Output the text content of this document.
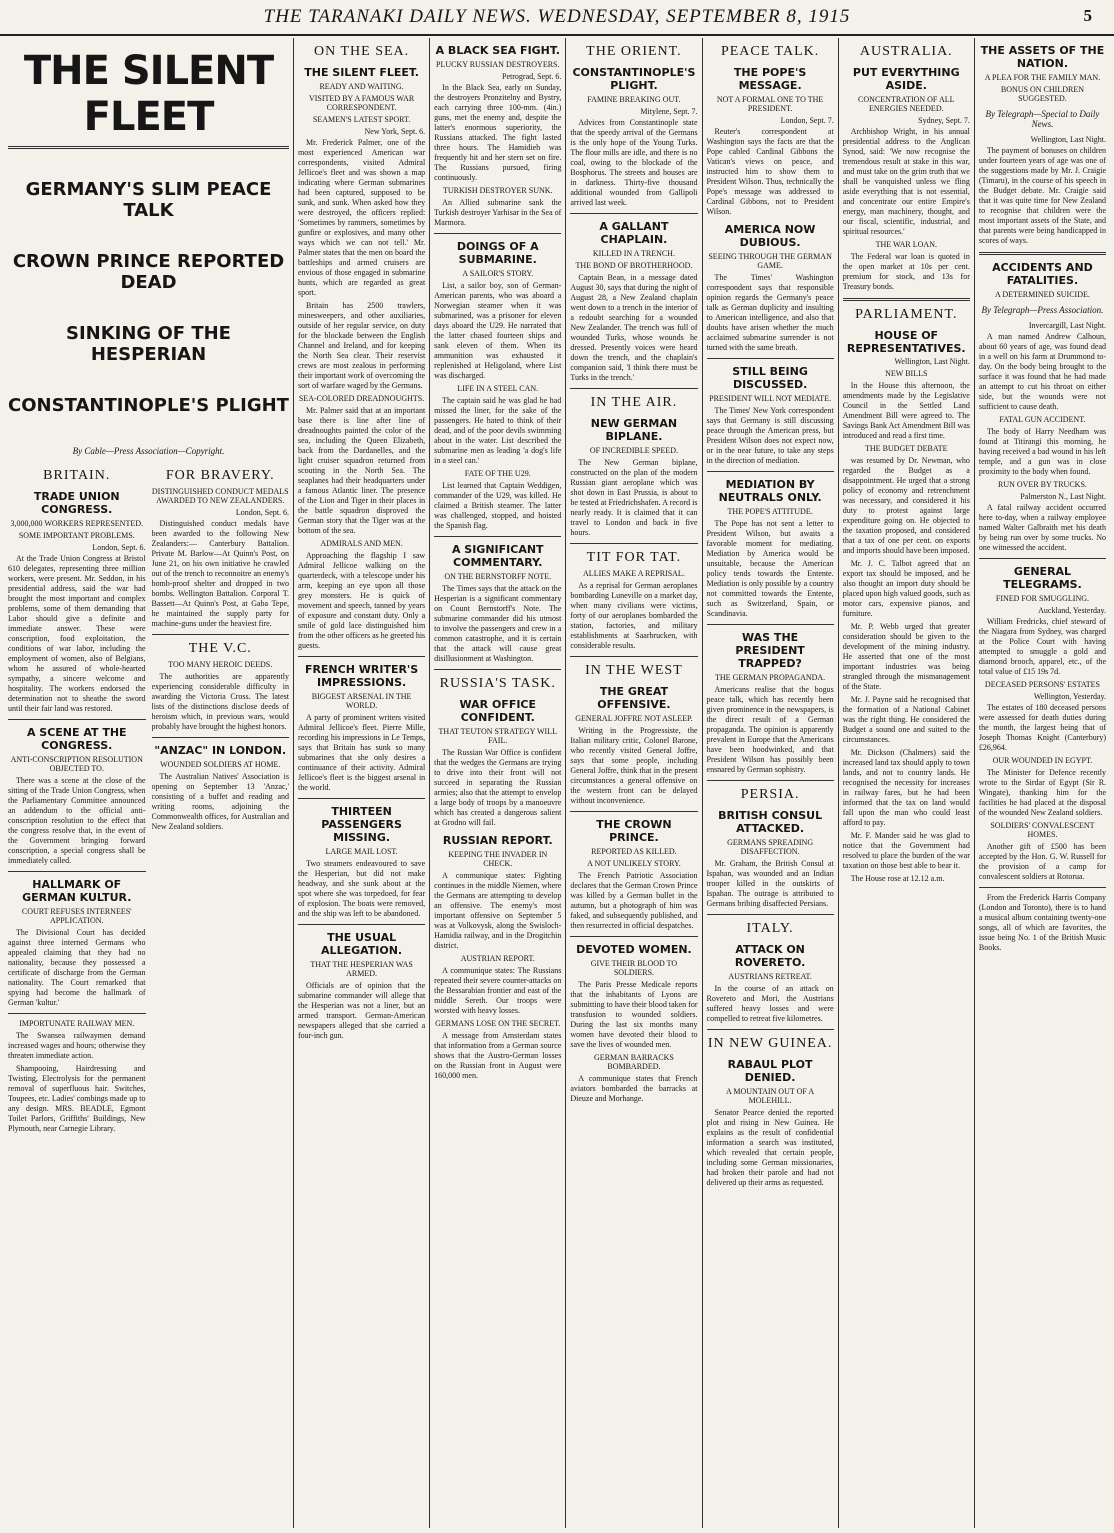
THE TARANAKI DAILY NEWS. WEDNESDAY, SEPTEMBER 8, 1915	5
THE SILENT FLEET
GERMANY'S SLIM PEACE TALK
CROWN PRINCE REPORTED DEAD
SINKING OF THE HESPERIAN
CONSTANTINOPLE'S PLIGHT
By Cable—Press Association—Copyright.
BRITAIN.
TRADE UNION CONGRESS.
3,000,000 WORKERS REPRESENTED.
SOME IMPORTANT PROBLEMS.
London, Sept. 6.

At the Trade Union Congress at Bristol 610 delegates, representing three million workers, were present. Mr. Seddon, in his presidential address, said the war had brought the most important and complex problems, some of them demanding that Labor should give a definite and immediate answer. These were conscription, food exploitation, the conditions of war labor, including the employment of women, also of Belgians, whom he assured of whole-hearted sympathy, a sincere welcome and hospitality. The workers endorsed the determination not to sheathe the sword until their fair land was restored.

A SCENE AT THE CONGRESS.
ANTI-CONSCRIPTION RESOLUTION OBJECTED TO.

There was a scene at the close of the sitting of the Trade Union Congress, when the Parliamentary Committee announced an addendum to the official anti-conscription resolution to the effect that the congress resolve that, in the event of the Government bringing forward conscription, a special congress shall be immediately called.

HALLMARK OF GERMAN KULTUR.
COURT REFUSES INTERNEES' APPLICATION.

The Divisional Court has decided against three interned Germans who appealed claiming that they had no nationality, because they possessed a certificate of discharge from the German nationality. The Court remarked that spying had become the hallmark of German 'kultur.'

IMPORTUNATE RAILWAY MEN.

The Swansea railwaymen demand increased wages and hours; otherwise they threaten immediate action.

Shampooing, Hairdressing and Twisting, Electrolysis for the permanent removal of superfluous hair. Switches, Toupees, etc. Ladies' combings made up to any design. MRS. BEADLE, Egmont Toilet Parlors, Griffiths' Buildings, New Plymouth, near Carnegie Library.

FOR BRAVERY.
DISTINGUISHED CONDUCT MEDALS AWARDED TO NEW ZEALANDERS.
London, Sept. 6.

Distinguished conduct medals have been awarded to the following New Zealanders:— Canterbury Battalion. Private M. Barlow—At Quinn's Post, on June 21, on his own initiative he crawled out of the trench to reconnoitre an enemy's bomb-proof shelter and dropped in two bombs. Wellington Battalion. Corporal T. Bassett—At Quinn's Post, at Gaba Tepe, he maintained the supply party for machine-guns under the heaviest fire.

THE V.C.
TOO MANY HEROIC DEEDS.

The authorities are apparently experiencing considerable difficulty in awarding the Victoria Cross. The latest lists of the distinctions disclose deeds of heroism which, in previous wars, would probably have brought the highest honors.

"ANZAC" IN LONDON.
WOUNDED SOLDIERS AT HOME.

The Australian Natives' Association is opening on September 13 'Anzac,' consisting of a buffet and reading and writing rooms, adjoining the Commonwealth offices, for Australian and New Zealand soldiers.

ON THE SEA.
THE SILENT FLEET.
READY AND WAITING.
VISITED BY A FAMOUS WAR CORRESPONDENT.
SEAMEN'S LATEST SPORT.
New York, Sept. 6.

Mr. Frederick Palmer, one of the most experienced American war correspondents, visited Admiral Jellicoe's fleet and was shown a map indicating where German submarines had been captured, supposed to be sunk, and sunk. When asked how they were destroyed, the officers replied: 'Sometimes by rammers, sometimes by gunfire or explosives, and many other ways which we can not tell.' Mr. Palmer states that the men on board the battleships and armed cruisers are envious of those engaged in submarine hunts, which are regarded as great sport.

Britain has 2500 trawlers, minesweepers, and other auxiliaries, outside of her regular service, on duty for the blockade between the English Channel and Ireland, and for keeping the North Sea clear. Their reservist crews are most zealous in performing their important work of overcoming the sort of warfare waged by the Germans.

SEA-COLORED DREADNOUGHTS.

Mr. Palmer said that at an important base there is line after line of dreadnoughts painted the color of the sea, including the Queen Elizabeth, back from the Dardanelles, and the light cruiser squadron returned from scouting in the North Sea. The seaplanes had their headquarters under a famous Atlantic liner. The presence of the Lion and Tiger in their places in the battle squadron disproved the German story that the Tiger was at the bottom of the sea.

ADMIRALS AND MEN.

Approaching the flagship I saw Admiral Jellicoe walking on the quarterdeck, with a telescope under his arm, keeping an eye upon all those grey monsters. He is quick of movement and speech, tanned by years of exposure and constant duty. Only a smile of gold lace distinguished him from the other officers as he greeted his guests.

FRENCH WRITER'S IMPRESSIONS.
BIGGEST ARSENAL IN THE WORLD.

A party of prominent writers visited Admiral Jellicoe's fleet. Pierre Mille, recording his impressions in Le Temps, says that Britain has sunk so many submarines that she only desires a continuance of their activity. Admiral Jellicoe's fleet is the biggest arsenal in the world.

THIRTEEN PASSENGERS MISSING.
LARGE MAIL LOST.

Two steamers endeavoured to save the Hesperian, but did not make headway, and she sunk about at the spot where she was torpedoed, for fear of explosion. The boats were removed, and the ship was left to be abandoned.

THE USUAL ALLEGATION.
THAT THE HESPERIAN WAS ARMED.

Officials are of opinion that the submarine commander will allege that the Hesperian was not a liner, but an armed transport. German-American newspapers alleged that she carried a four-inch gun.

A BLACK SEA FIGHT.
PLUCKY RUSSIAN DESTROYERS.
Petrograd, Sept. 6.

In the Black Sea, early on Sunday, the destroyers Pronzitelny and Bystry, each carrying three 100-mm. (4in.) guns, met the enemy and, despite the latter's enormous superiority, the Russians attacked. The fight lasted three hours. The Hamidieh was frequently hit and her stern set on fire. The Russians pursued, firing continuously.

TURKISH DESTROYER SUNK.

An Allied submarine sank the Turkish destroyer Yarhisar in the Sea of Marmora.

DOINGS OF A SUBMARINE.
A SAILOR'S STORY.

List, a sailor boy, son of German-American parents, who was aboard a Norwegian steamer when it was submarined, was a prisoner for eleven days aboard the U29. He narrated that the latter chased fourteen ships and sank eleven of them. When its ammunition was exhausted it replenished at Heligoland, where List was discharged.

LIFE IN A STEEL CAN.

The captain said he was glad he had missed the liner, for the sake of the passengers. He hated to think of their dead, and of the poor devils swimming about in the water. List described the submarine men as leading 'a dog's life in a steel can.'

FATE OF THE U29.

List learned that Captain Weddigen, commander of the U29, was killed. He claimed a British steamer. The latter was challenged, stopped, and hoisted the Spanish flag.

A SIGNIFICANT COMMENTARY.
ON THE BERNSTORFF NOTE.

The Times says that the attack on the Hesperian is a significant commentary on Count Bernstorff's Note. The submarine commander did his utmost to involve the passengers and crew in a common catastrophe, and it is certain that the attack will cause great disillusionment at Washington.

RUSSIA'S TASK.
WAR OFFICE CONFIDENT.
THAT TEUTON STRATEGY WILL FAIL.

The Russian War Office is confident that the wedges the Germans are trying to drive into their front will not succeed in separating the Russian armies; also that the attempt to envelop a large body of troops by a manoeuvre which has created a dangerous salient at Grodno will fail.

RUSSIAN REPORT.
KEEPING THE INVADER IN CHECK.

A communique states: Fighting continues in the middle Niemen, where the Germans are attempting to develop an offensive. The enemy's most important offensive on September 5 was at Volkovysk, along the Swisloch-Hamidia railway, and in the Drogitchin district.

AUSTRIAN REPORT.

A communique states: The Russians repeated their severe counter-attacks on the Bessarabian frontier and east of the middle Sereth. Our troops were worsted with heavy losses.

GERMANS LOSE ON THE SECRET.

A message from Amsterdam states that information from a German source shows that the Austro-German losses on the Russian front in August were 160,000 men.

THE ORIENT.
CONSTANTINOPLE'S PLIGHT.
FAMINE BREAKING OUT.
Mitylene, Sept. 7.

Advices from Constantinople state that the speedy arrival of the Germans is the only hope of the Young Turks. The flour mills are idle, and there is no coal, owing to the blockade of the Bosphorus. The streets and houses are in darkness. Thirty-five thousand additional wounded from Gallipoli arrived last week.

A GALLANT CHAPLAIN.
KILLED IN A TRENCH.
THE BOND OF BROTHERHOOD.

Captain Bean, in a message dated August 30, says that during the night of August 28, a New Zealand chaplain went down to a trench in the interior of a redoubt searching for a wounded New Zealander. The trench was full of wounded Turks, whose wounds he dressed. Presently voices were heard down the trench, and the chaplain's companion said, 'I think there must be Turks in the trench.'

IN THE AIR.
NEW GERMAN BIPLANE.
OF INCREDIBLE SPEED.

The New German biplane, constructed on the plan of the modern Russian giant aeroplane which was shot down in East Prussia, is about to be tested at Friedrichshafen. A record is nearly ready. It is claimed that it can travel to London and back in five hours.

TIT FOR TAT.
ALLIES MAKE A REPRISAL.

As a reprisal for German aeroplanes bombarding Luneville on a market day, when many civilians were victims, forty of our aeroplanes bombarded the station, factories, and military establishments at Saarbrucken, with considerable results.

IN THE WEST
THE GREAT OFFENSIVE.
GENERAL JOFFRE NOT ASLEEP.

Writing in the Progressiste, the Italian military critic, Colonel Barone, who recently visited General Joffre, says that some people, including General Joffre, think that in the present circumstances a general offensive on the western front can be delayed without inconvenience.

THE CROWN PRINCE.
REPORTED AS KILLED.
A NOT UNLIKELY STORY.

The French Patriotic Association declares that the German Crown Prince was killed by a German bullet in the autumn, but a photograph of him was faked, and subsequently published, and then resurrected in official despatches.

DEVOTED WOMEN.
GIVE THEIR BLOOD TO SOLDIERS.

The Paris Presse Medicale reports that the inhabitants of Lyons are submitting to have their blood taken for transfusion to wounded soldiers. During the last six months many women have devoted their blood to save the lives of wounded men.

GERMAN BARRACKS BOMBARDED.

A communique states that French aviators bombarded the barracks at Dieuze and Morhange.

PEACE TALK.
THE POPE'S MESSAGE.
NOT A FORMAL ONE TO THE PRESIDENT.
London, Sept. 7.

Reuter's correspondent at Washington says the facts are that the Pope cabled Cardinal Gibbons the Vatican's views on peace, and instructed him to show them to President Wilson. Thus, technically the Pope's message was addressed to Cardinal Gibbons, not to President Wilson.

AMERICA NOW DUBIOUS.
SEEING THROUGH THE GERMAN GAME.

The Times' Washington correspondent says that responsible opinion regards the Germany's peace talk as German duplicity and insulting to American intelligence, and also that doubts have arisen whether the much acclaimed submarine surrender is not turned with the same breath.

STILL BEING DISCUSSED.
PRESIDENT WILL NOT MEDIATE.

The Times' New York correspondent says that Germany is still discussing peace through the American press, but President Wilson does not expect now, or in the near future, to take any steps in the direction of mediation.

MEDIATION BY NEUTRALS ONLY.
THE POPE'S ATTITUDE.

The Pope has not sent a letter to President Wilson, but awaits a favorable moment for mediating. Mediation by America would be unsuitable, because the American policy tends towards the Entente. Mediation is only possible by a country not committed towards the Entente, such as Switzerland, Spain, or Scandinavia.

WAS THE PRESIDENT TRAPPED?
THE GERMAN PROPAGANDA.

Americans realise that the bogus peace talk, which has recently been given prominence in the newspapers, is the direct result of a German propaganda. The opinion is apparently prevalent in Europe that the Americans have been hoodwinked, and that President Wilson has possibly been ensnared by German sophistry.

PERSIA.
BRITISH CONSUL ATTACKED.
GERMANS SPREADING DISAFFECTION.

Mr. Graham, the British Consul at Ispahan, was wounded and an Indian trooper killed in the outskirts of Ispahan. The outrage is attributed to Germans bribing disaffected Persians.

ITALY.
ATTACK ON ROVERETO.
AUSTRIANS RETREAT.

In the course of an attack on Rovereto and Mori, the Austrians suffered heavy losses and were compelled to retreat five kilometres.

IN NEW GUINEA.
RABAUL PLOT DENIED.
A MOUNTAIN OUT OF A MOLEHILL.

Senator Pearce denied the reported plot and rising in New Guinea. He explains as the result of confidential information a search was instituted, which revealed that certain people, including some German missionaries, had broken their parole and had not delivered up their arms as requested.

AUSTRALIA.
PUT EVERYTHING ASIDE.
CONCENTRATION OF ALL ENERGIES NEEDED.
Sydney, Sept. 7.

Archbishop Wright, in his annual presidential address to the Anglican Synod, said: 'We now recognise the tremendous result at stake in this war, and must take on the grim truth that we shall be vanquished unless we fling aside everything that is not essential, and concentrate our entire Empire's energy, man machinery, thought, and our fiscal, scientific, industrial, and spiritual resources.'

THE WAR LOAN.

The Federal war loan is quoted in the open market at 10s per cent. premium for stock, and 13s for Treasury bonds.

PARLIAMENT.
HOUSE OF REPRESENTATIVES.
Wellington, Last Night.
NEW BILLS

In the House this afternoon, the amendments made by the Legislative Council in the Settled Land Amendment Bill were agreed to. The Savings Bank Act Amendment Bill was introduced and read a first time.

THE BUDGET DEBATE

was resumed by Dr. Newman, who regarded the Budget as a disappointment. He urged that a strong policy of economy and retrenchment was necessary, and considered it his duty to protest against large expenditure going on. He objected to the taxation proposed, and considered that a tax of one per cent. on exports and imports should have been imposed.

Mr. J. C. Talbot agreed that an export tax should be imposed, and he also thought an import duty should be placed upon high valued goods, such as motor cars, expensive pianos, and furniture.

Mr. P. Webb urged that greater consideration should be given to the development of the mining industry. He asserted that one of the most important industries was being strangled through the mismanagement of the State.

Mr. J. Payne said he recognised that the formation of a National Cabinet was the right thing. He considered the Budget a sound one and suited to the circumstances.

Mr. Dickson (Chalmers) said the increased land tax should apply to town lands, and not to country lands. He recognised the necessity for increases in railway fares, but he had been informed that the tax on land would fall upon the man who could least afford to pay.

Mr. F. Mander said he was glad to notice that the Government had resolved to place the burden of the war taxation on those best able to bear it.

The House rose at 12.12 a.m.

THE ASSETS OF THE NATION.
A PLEA FOR THE FAMILY MAN.
BONUS ON CHILDREN SUGGESTED.
By Telegraph—Special to Daily News.
Wellington, Last Night.

The payment of bonuses on children under fourteen years of age was one of the suggestions made by Mr. J. Craigie (Timaru), in the course of his speech in the Budget debate. Mr. Craigie said that it was quite time for New Zealand to recognise that children were the most important assets of the State, and that parents were being handicapped in scores of ways.

ACCIDENTS AND FATALITIES.
A DETERMINED SUICIDE.
By Telegraph—Press Association.
Invercargill, Last Night.

A man named Andrew Calhoun, about 60 years of age, was found dead in a well on his farm at Drummond to-day. On the body being brought to the surface it was found that he had made an attempt to cut his throat on either side, but the wounds were not sufficient to cause death.

FATAL GUN ACCIDENT.

The body of Harry Needham was found at Titirangi this morning, he having received a bad wound in his left temple, and a gun was in close proximity to the body when found.

RUN OVER BY TRUCKS.
Palmerston N., Last Night.

A fatal railway accident occurred here to-day, when a railway employee named Walter Galbraith met his death by being run over by some trucks. No one witnessed the accident.

GENERAL TELEGRAMS.
FINED FOR SMUGGLING.
Auckland, Yesterday.

William Fredricks, chief steward of the Niagara from Sydney, was charged at the Police Court with having attempted to smuggle a gold and diamond brooch, apparel, etc., of the total value of £15 19s 7d.

DECEASED PERSONS' ESTATES
Wellington, Yesterday.

The estates of 180 deceased persons were assessed for death duties during the month, the largest being that of Joseph Thomas Knight (Canterbury) £26,964.

OUR WOUNDED IN EGYPT.

The Minister for Defence recently wrote to the Sirdar of Egypt (Sir R. Wingate), thanking him for the facilities he had placed at the disposal of the wounded New Zealand soldiers.

SOLDIERS' CONVALESCENT HOMES.

Another gift of £500 has been accepted by the Hon. G. W. Russell for the provision of a camp for convalescent soldiers at Rotorua.

From the Frederick Harris Company (London and Toronto), there is to hand a musical album containing twenty-one songs, all of which are favorites, the issue being No. 1 of the British Music Books.
